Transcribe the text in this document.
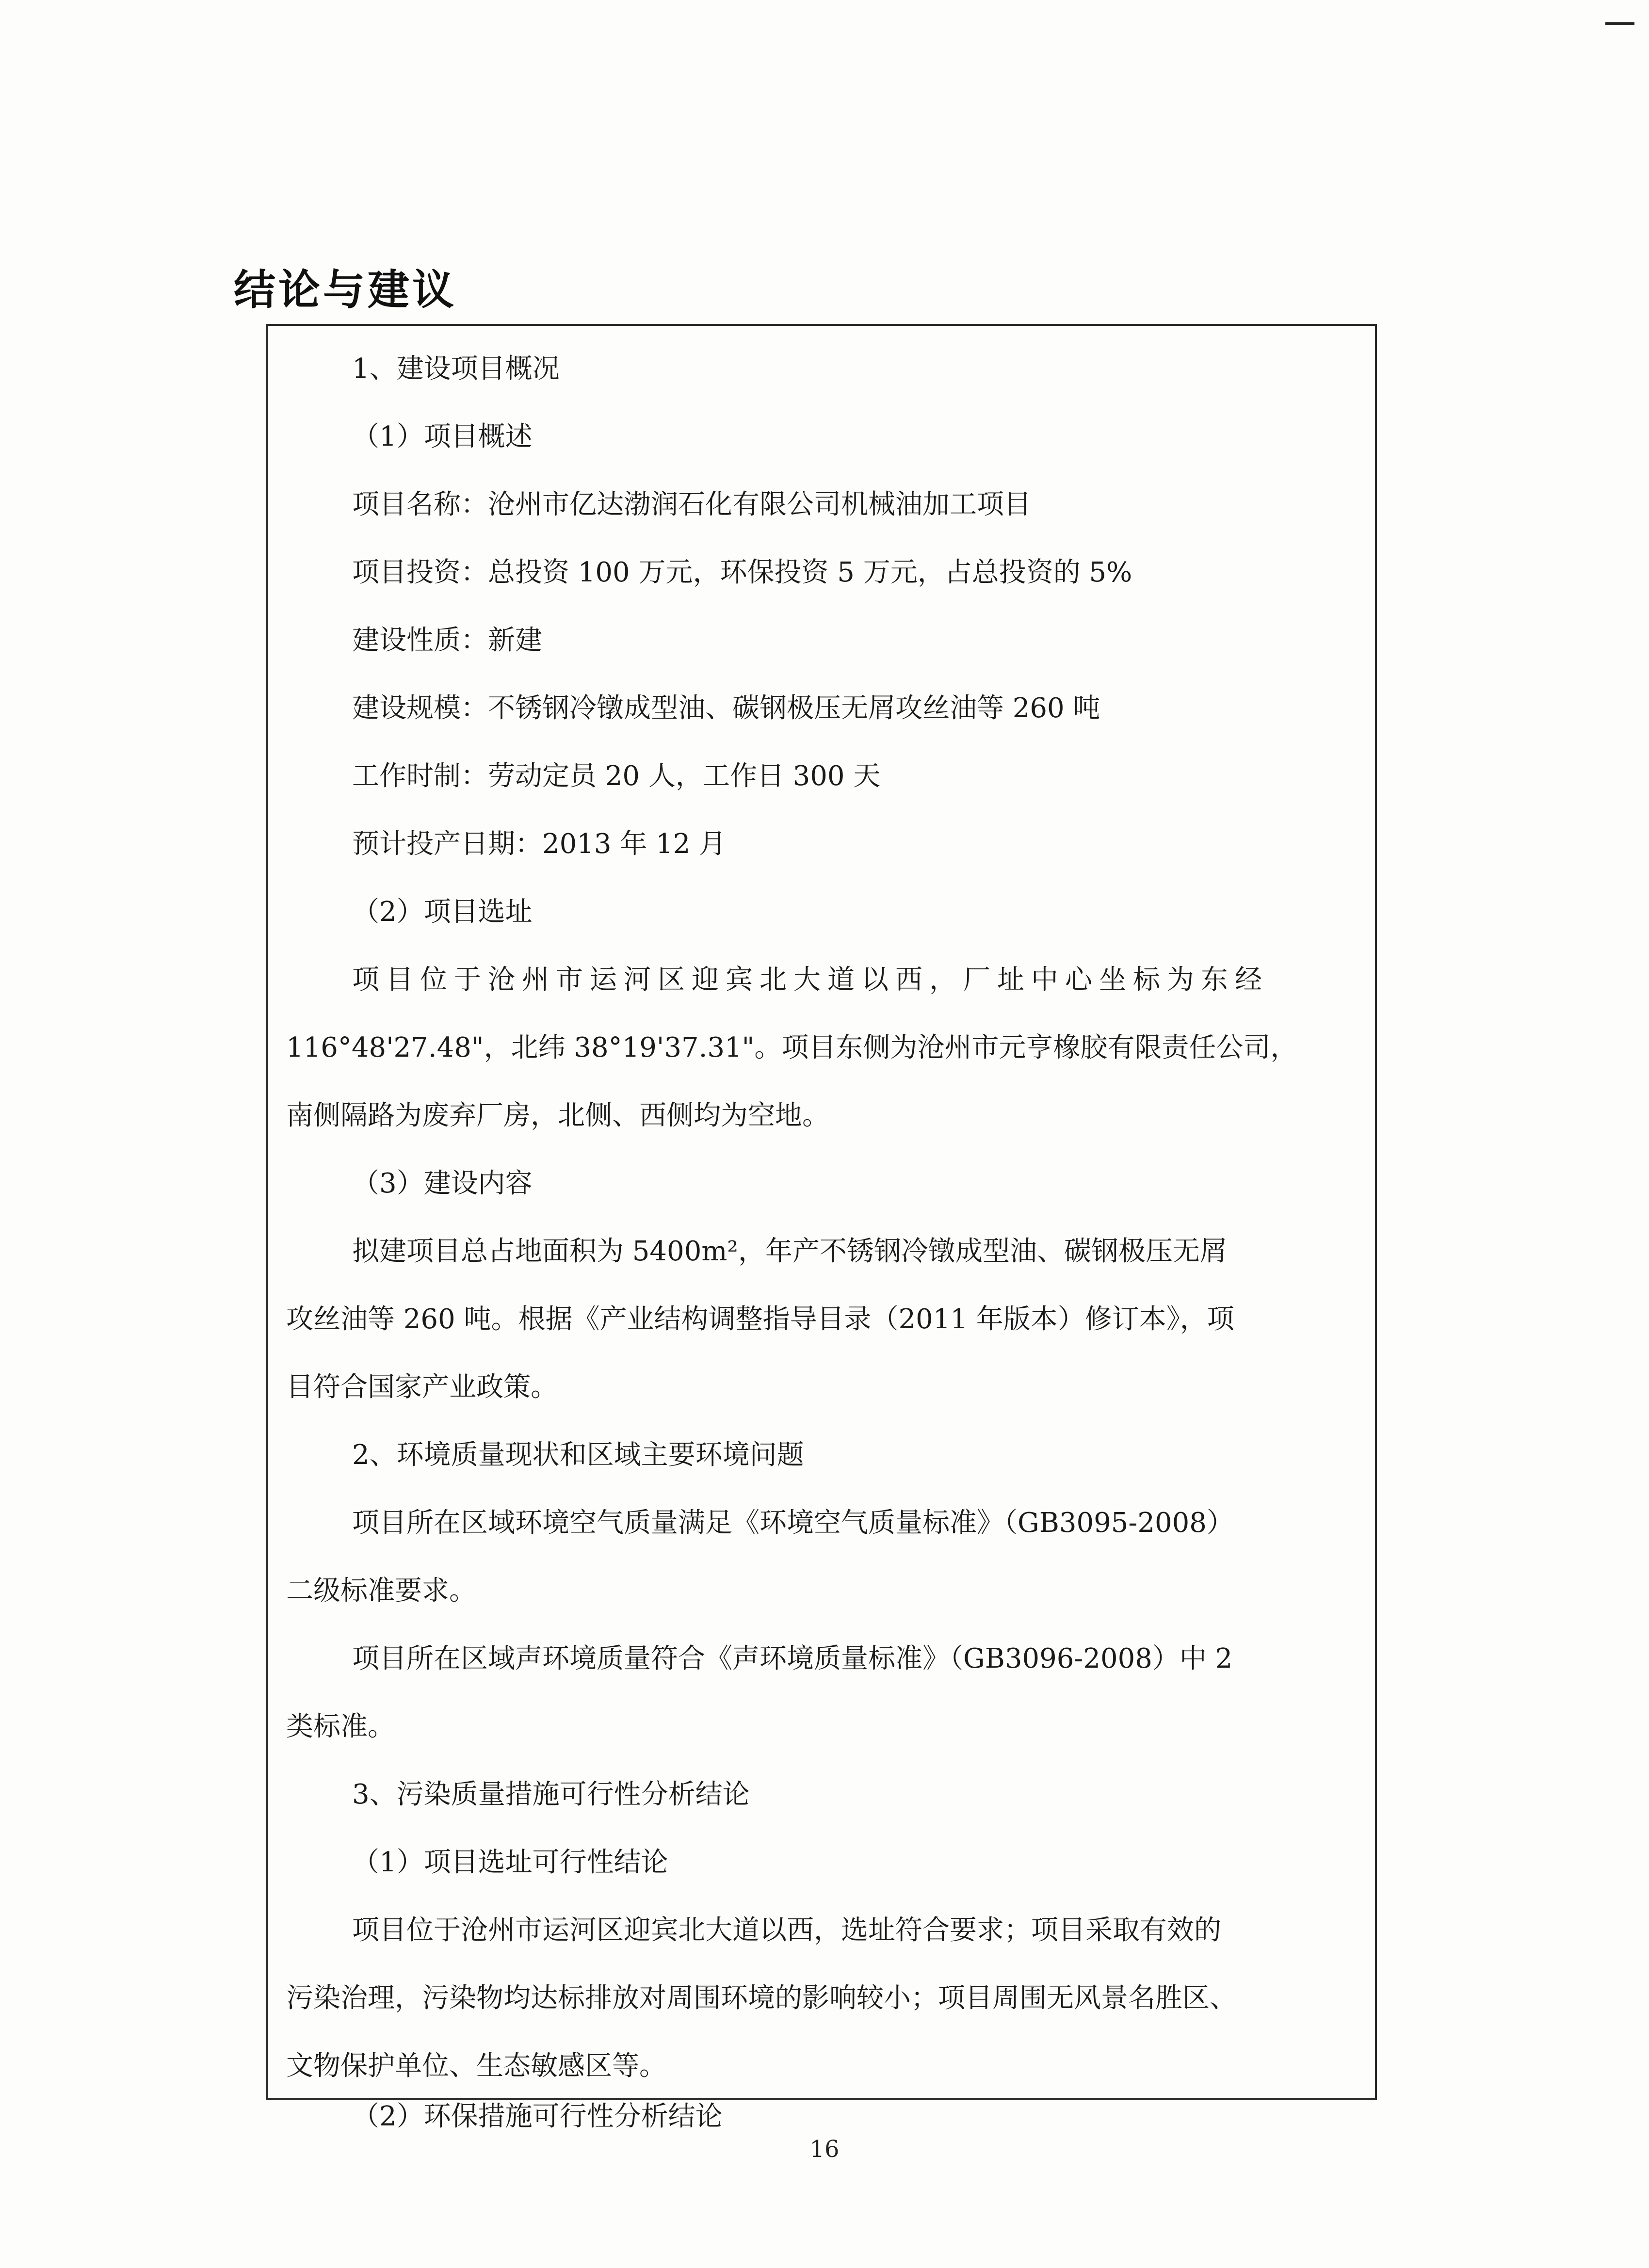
结论与建议
1、建设项目概况
（1）项目概述
项目名称：沧州市亿达渤润石化有限公司机械油加工项目
项目投资：总投资 100 万元，环保投资 5 万元，占总投资的 5%
建设性质：新建
建设规模：不锈钢冷镦成型油、碳钢极压无屑攻丝油等 260 吨
工作时制：劳动定员 20 人，工作日 300 天
预计投产日期：2013 年 12 月
（2）项目选址
项目位于沧州市运河区迎宾北大道以西，厂址中心坐标为东经
116°48'27.48"，北纬 38°19'37.31"。项目东侧为沧州市元亨橡胶有限责任公司，
南侧隔路为废弃厂房，北侧、西侧均为空地。
（3）建设内容
拟建项目总占地面积为 5400m²，年产不锈钢冷镦成型油、碳钢极压无屑
攻丝油等 260 吨。根据《产业结构调整指导目录（2011 年版本）修订本》，项
目符合国家产业政策。
2、环境质量现状和区域主要环境问题
项目所在区域环境空气质量满足《环境空气质量标准》（GB3095-2008）
二级标准要求。
项目所在区域声环境质量符合《声环境质量标准》（GB3096-2008）中 2
类标准。
3、污染质量措施可行性分析结论
（1）项目选址可行性结论
项目位于沧州市运河区迎宾北大道以西，选址符合要求；项目采取有效的
污染治理，污染物均达标排放对周围环境的影响较小；项目周围无风景名胜区、
文物保护单位、生态敏感区等。
（2）环保措施可行性分析结论
16
